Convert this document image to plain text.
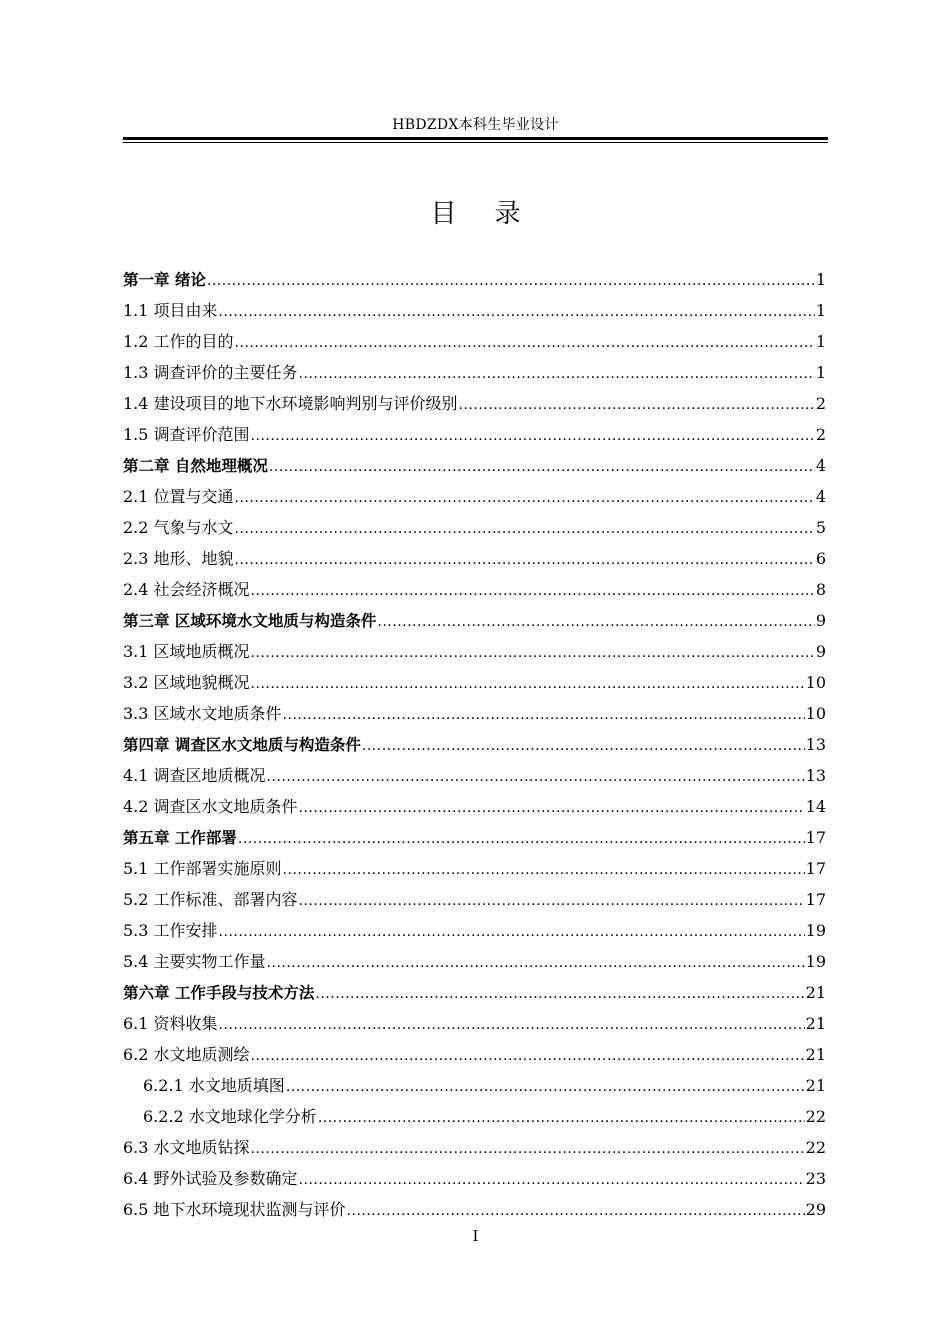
HBDZDX本科生毕业设计
目录
第一章 绪论 .....	1
1.1 项目由来 .....	1
1.2 工作的目的 .....	1
1.3 调查评价的主要任务 .....	1
1.4 建设项目的地下水环境影响判别与评价级别 .....	2
1.5 调查评价范围 .....	2
第二章 自然地理概况 .....	4
2.1 位置与交通 .....	4
2.2 气象与水文 .....	5
2.3 地形、地貌 .....	6
2.4 社会经济概况 .....	8
第三章 区域环境水文地质与构造条件 .....	9
3.1 区域地质概况 .....	9
3.2 区域地貌概况 .....	10
3.3 区域水文地质条件 .....	10
第四章 调查区水文地质与构造条件 .....	13
4.1 调查区地质概况 .....	13
4.2 调查区水文地质条件 .....	14
第五章 工作部署 .....	17
5.1 工作部署实施原则 .....	17
5.2 工作标准、部署内容 .....	17
5.3 工作安排 .....	19
5.4 主要实物工作量 .....	19
第六章 工作手段与技术方法 .....	21
6.1 资料收集 .....	21
6.2 水文地质测绘 .....	21
6.2.1 水文地质填图 .....	21
6.2.2 水文地球化学分析 .....	22
6.3 水文地质钻探 .....	22
6.4 野外试验及参数确定 .....	23
6.5 地下水环境现状监测与评价 .....	29
I
